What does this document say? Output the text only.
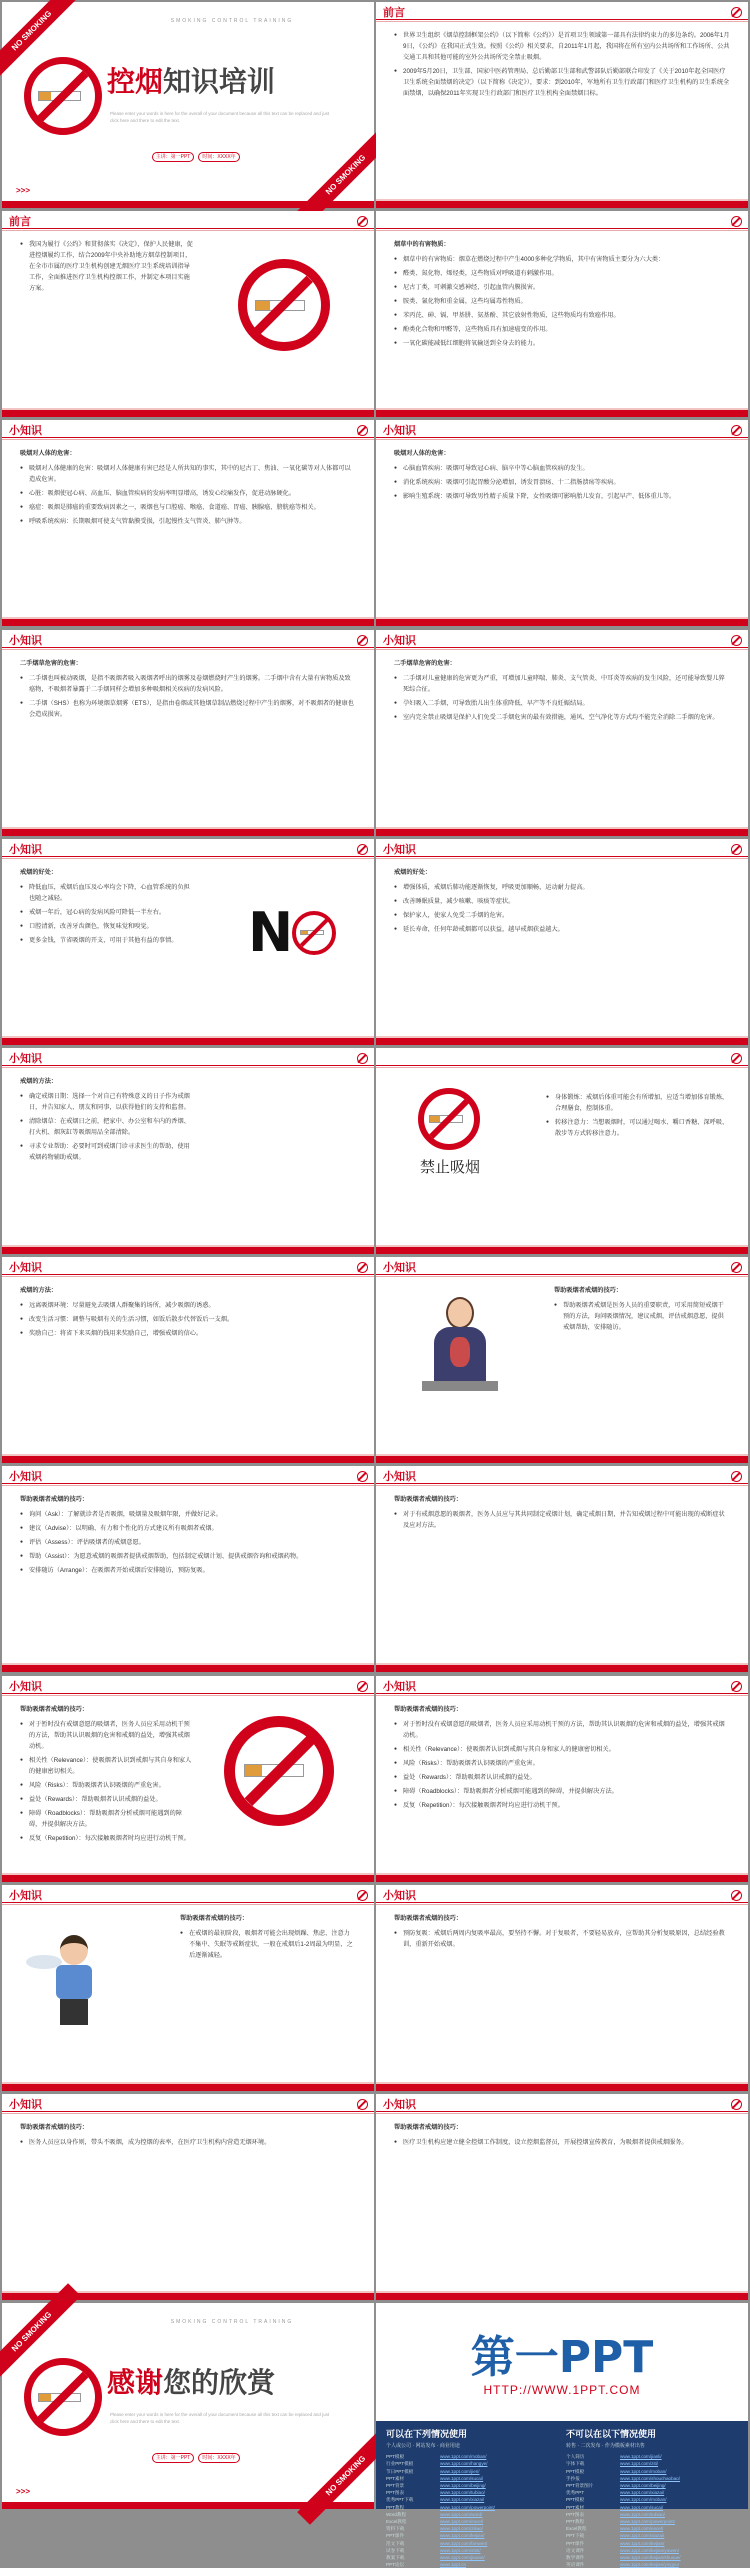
NO SMOKING	SMOKING CONTROL TRAINING
控烟知识培训
Please enter your words in here for the overall of your document because all this text can be replaced and just click here and there to edit the text.
主讲：第一PPT	时间：XXXX年
>>>	NO SMOKING
前言

● 世界卫生组织《烟草控制框架公约》（以下简称《公约》）是首项卫生领域第一部具有法律约束力的多边条约。2006年1月9日，《公约》在我国正式生效。按照《公约》相关要求，自2011年1月起，我国将在所有室内公共场所和工作场所、公共交通工具和其他可能的室外公共场所完全禁止吸烟。

● 2009年5月20日，卫生部、国家中医药管理局、总后勤部卫生部和武警部队后勤部联合印发了《关于2010年起全国医疗卫生系统全面禁烟的决定》（以下简称《决定》），要求：到2010年，军地所有卫生行政部门和医疗卫生机构的卫生系统全面禁烟，以确保2011年实现卫生行政部门和医疗卫生机构全面禁烟目标。

前言

● 我国为履行《公约》和贯彻落实《决定》，保护人民健康，促进控烟履约工作，结合2009年中央补助地方烟草控制项目，在全市市属的医疗卫生机构创建无烟医疗卫生系统培训指导工作，全面推进医疗卫生机构控烟工作，并制定本项目实施方案。

烟草中的有害物质：

● 烟草中的有害物质：烟草在燃烧过程中产生4000多种化学物质，其中有害物质主要分为六大类：

● 醛类、氮化物、烯烃类，这些物质对呼吸道有刺激作用。

● 尼古丁类，可刺激交感神经，引起血管内膜损害。

● 胺类、氰化物和重金属，这些均属毒性物质。

● 苯丙芘、砷、镉、甲基肼、氨基酚、其它放射性物质，这些物质均有致癌作用。

● 酚类化合物和甲醛等，这些物质具有加速癌变的作用。

● 一氧化碳能减低红细胞将氧输送到全身去的能力。

小知识

吸烟对人体的危害：

● 吸烟对人体健康的危害：吸烟对人体健康有害已经是人所共知的事实，其中的尼古丁、焦油、一氧化碳等对人体都可以造成危害。

● 心脏：吸烟使冠心病、高血压、脑血管疾病的发病率明显增高，诱发心绞痛发作，促进动脉硬化。

● 癌症：吸烟是肺癌的重要致病因素之一，吸烟也与口腔癌、喉癌、食道癌、胃癌、胰腺癌、膀胱癌等相关。

● 呼吸系统疾病：长期吸烟可使支气管黏膜受损，引起慢性支气管炎、肺气肿等。

小知识

吸烟对人体的危害：

● 心脑血管疾病：吸烟可导致冠心病、脑卒中等心脑血管疾病的发生。

● 消化系统疾病：吸烟可引起胃酸分泌增加，诱发胃溃疡、十二指肠溃疡等疾病。

● 影响生殖系统：吸烟可导致男性精子质量下降，女性吸烟可影响胎儿发育，引起早产、低体重儿等。

小知识

二手烟草危害的危害：

● 二手烟也叫被动吸烟，是指不吸烟者吸入吸烟者呼出的烟雾及卷烟燃烧时产生的烟雾。二手烟中含有大量有害物质及致癌物，不吸烟者暴露于二手烟同样会增加多种吸烟相关疾病的发病风险。

● 二手烟（SHS）也称为环境烟草烟雾（ETS），是指由卷烟或其他烟草制品燃烧过程中产生的烟雾，对不吸烟者的健康也会造成损害。

小知识

二手烟草危害的危害：

● 二手烟对儿童健康的危害更为严重，可增加儿童哮喘、肺炎、支气管炎、中耳炎等疾病的发生风险，还可能导致婴儿猝死综合征。

● 孕妇吸入二手烟，可导致胎儿出生体重降低、早产等不良妊娠结局。

● 室内完全禁止吸烟是保护人们免受二手烟危害的最有效措施，通风、空气净化等方式均不能完全消除二手烟的危害。

小知识

戒烟的好处：

● 降低血压，戒烟后血压及心率均会下降，心血管系统的负担也随之减轻。

● 戒烟一年后，冠心病的发病风险可降低一半左右。

● 口腔清新，改善牙齿颜色，恢复味觉和嗅觉。

● 更多金钱，节省吸烟的开支，可用于其他有益的事情。	N
小知识

戒烟的好处：

● 增强体质，戒烟后肺功能逐渐恢复，呼吸更加顺畅，运动耐力提高。

● 改善睡眠质量，减少咳嗽、咳痰等症状。

● 保护家人，使家人免受二手烟的危害。

● 延长寿命，任何年龄戒烟都可以获益，越早戒烟获益越大。

小知识

戒烟的方法：

● 确定戒烟日期：选择一个对自己有特殊意义的日子作为戒烟日，并告知家人、朋友和同事，以获得他们的支持和监督。

● 清除烟草：在戒烟日之前，把家中、办公室和车内的香烟、打火机、烟灰缸等吸烟用品全部清除。

● 寻求专业帮助：必要时可到戒烟门诊寻求医生的帮助，使用戒烟药物辅助戒烟。

禁止吸烟

● 身体锻炼：戒烟后体重可能会有所增加，应适当增加体育锻炼，合理膳食，控制体重。

● 转移注意力：当想吸烟时，可以通过喝水、嚼口香糖、深呼吸、散步等方式转移注意力。

小知识

戒烟的方法：

● 远离吸烟环境：尽量避免去吸烟人群聚集的场所，减少吸烟的诱惑。

● 改变生活习惯：调整与吸烟有关的生活习惯，如饭后散步代替饭后一支烟。

● 奖励自己：将省下来买烟的钱用来奖励自己，增强戒烟的信心。

小知识

帮助吸烟者戒烟的技巧：

● 帮助吸烟者戒烟是医务人员的重要职责，可采用简短戒烟干预的方法，询问吸烟情况，建议戒烟，评估戒烟意愿，提供戒烟帮助，安排随访。

小知识

帮助吸烟者戒烟的技巧：

● 询问（Ask）：了解就诊者是否吸烟，吸烟量及吸烟年限，并做好记录。

● 建议（Advise）：以明确、有力和个性化的方式建议所有吸烟者戒烟。

● 评估（Assess）：评估吸烟者的戒烟意愿。

● 帮助（Assist）：为愿意戒烟的吸烟者提供戒烟帮助，包括制定戒烟计划、提供戒烟咨询和戒烟药物。

● 安排随访（Arrange）：在吸烟者开始戒烟后安排随访，预防复吸。

小知识

帮助吸烟者戒烟的技巧：

● 对于有戒烟意愿的吸烟者，医务人员应与其共同制定戒烟计划，确定戒烟日期，并告知戒烟过程中可能出现的戒断症状及应对方法。

小知识

帮助吸烟者戒烟的技巧：

● 对于暂时没有戒烟意愿的吸烟者，医务人员应采用动机干预的方法，帮助其认识吸烟的危害和戒烟的益处，增强其戒烟动机。

● 相关性（Relevance）：使吸烟者认识到戒烟与其自身和家人的健康密切相关。

● 风险（Risks）：帮助吸烟者认识吸烟的严重危害。

● 益处（Rewards）：帮助吸烟者认识戒烟的益处。

● 障碍（Roadblocks）：帮助吸烟者分析戒烟可能遇到的障碍，并提供解决方法。

● 反复（Repetition）：每次接触吸烟者时均应进行动机干预。

小知识

帮助吸烟者戒烟的技巧：

● 对于暂时没有戒烟意愿的吸烟者，医务人员应采用动机干预的方法，帮助其认识吸烟的危害和戒烟的益处，增强其戒烟动机。

● 相关性（Relevance）：使吸烟者认识到戒烟与其自身和家人的健康密切相关。

● 风险（Risks）：帮助吸烟者认识吸烟的严重危害。

● 益处（Rewards）：帮助吸烟者认识戒烟的益处。

● 障碍（Roadblocks）：帮助吸烟者分析戒烟可能遇到的障碍，并提供解决方法。

● 反复（Repetition）：每次接触吸烟者时均应进行动机干预。

小知识

帮助吸烟者戒烟的技巧：

● 在戒烟的最初阶段，吸烟者可能会出现烦躁、焦虑、注意力不集中、失眠等戒断症状，一般在戒烟后1-2周最为明显，之后逐渐减轻。

小知识

帮助吸烟者戒烟的技巧：

● 预防复吸：戒烟后两周内复吸率最高，要坚持不懈。对于复吸者，不要轻易放弃，应帮助其分析复吸原因，总结经验教训，重新开始戒烟。

小知识

帮助吸烟者戒烟的技巧：

● 医务人员应以身作则，带头不吸烟，成为控烟的表率，在医疗卫生机构内营造无烟环境。

小知识

帮助吸烟者戒烟的技巧：

● 医疗卫生机构应建立健全控烟工作制度，设立控烟监督员，开展控烟宣传教育，为吸烟者提供戒烟服务。

NO SMOKING	SMOKING CONTROL TRAINING
感谢您的欣赏
Please enter your words in here for the overall of your document because all this text can be replaced and just click here and there to edit the text.
主讲：第一PPT	时间：XXXX年
>>>	NO SMOKING
第一PPT
HTTP://WWW.1PPT.COM
可以在下列情况使用
个人或公司 · 网站发布 · 商业用途
PPT模板	www.1ppt.com/moban/
行业PPT模板	www.1ppt.com/hangye/
节日PPT模板	www.1ppt.com/jieri/
PPT素材	www.1ppt.com/sucai/
PPT背景	www.1ppt.com/beijing/
PPT图表	www.1ppt.com/tubiao/
优秀PPT下载	www.1ppt.com/xiazai/
PPT教程	www.1ppt.com/powerpoint/
Word教程	www.1ppt.com/word/
Excel教程	www.1ppt.com/excel/
资料下载	www.1ppt.com/ziliao/
PPT课件	www.1ppt.com/kejian/
范文下载	www.1ppt.com/fanwen/
试卷下载	www.1ppt.com/shiti/
教案下载	www.1ppt.com/jiaoan/
PPT论坛	www.1ppt.cn
不可以在以下情况使用
转售 · 二次发布 · 作为模板素材出售
个人简历	www.1ppt.com/jianli/
字体下载	www.1ppt.com/ziti/
PPT模板	www.1ppt.com/moban/
手抄报	www.1ppt.com/shouchaobao/
PPT背景图片	www.1ppt.com/beijing/
优秀PPT	www.1ppt.com/xiazai/
PPT模板	www.1ppt.com/moban/
PPT素材	www.1ppt.com/sucai/
PPT图表	www.1ppt.com/tubiao/
PPT教程	www.1ppt.com/powerpoint/
Excel教程	www.1ppt.com/excel/
PPT下载	www.1ppt.com/xiazai/
PPT课件	www.1ppt.com/kejian/
语文课件	www.1ppt.com/kejian/yuwen/
数学课件	www.1ppt.com/kejian/shuxue/
英语课件	www.1ppt.com/kejian/yingyu/
